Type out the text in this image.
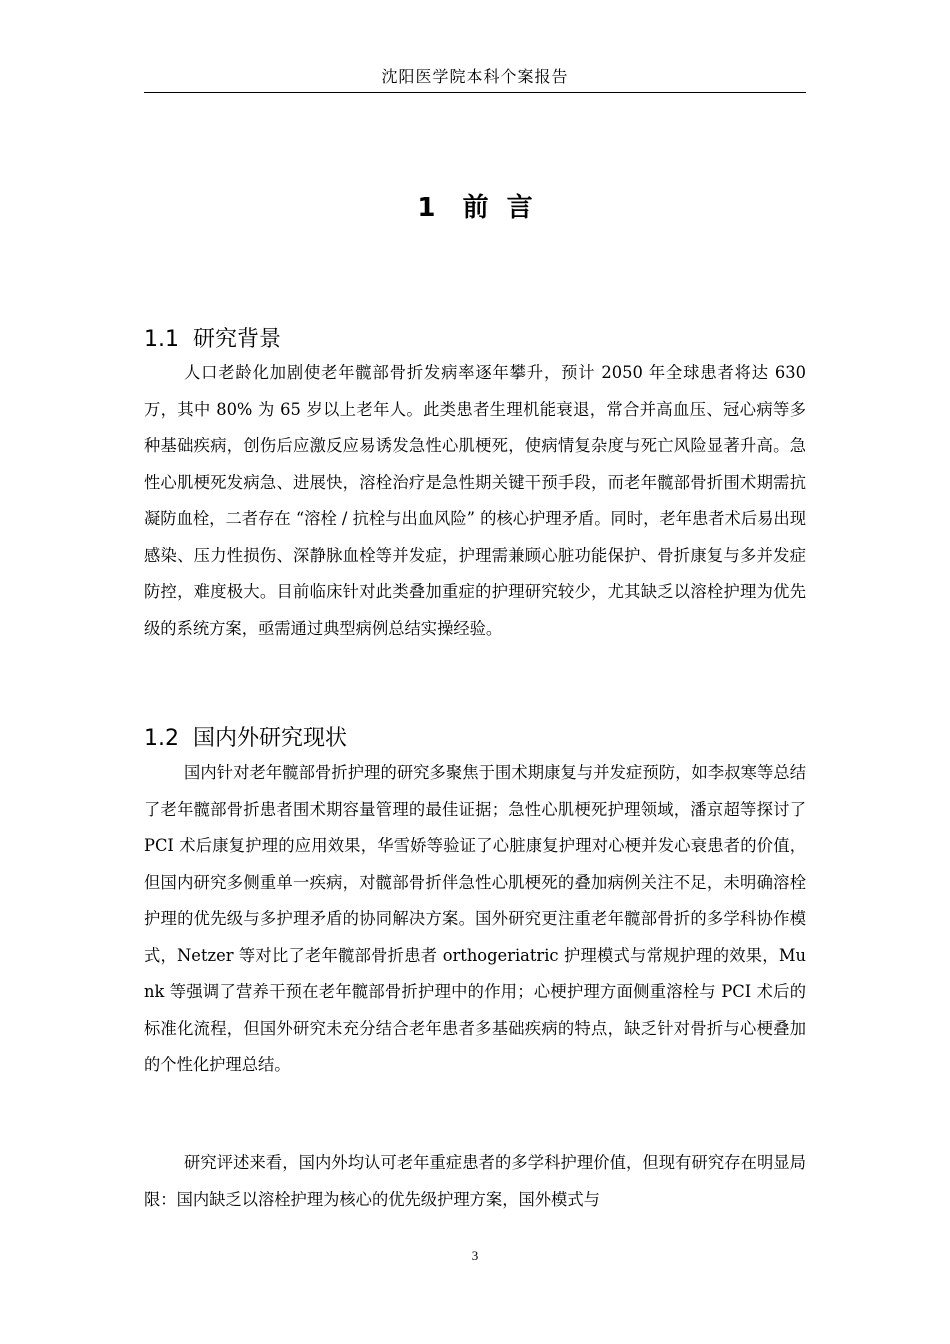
沈阳医学院本科个案报告
1 前  言
1.1 研究背景

人口老龄化加剧使老年髋部骨折发病率逐年攀升，预计 2050 年全球患者将达 630 万，其中 80% 为 65 岁以上老年人。此类患者生理机能衰退，常合并高血压、冠心病等多种基础疾病，创伤后应激反应易诱发急性心肌梗死，使病情复杂度与死亡风险显著升高。急性心肌梗死发病急、进展快，溶栓治疗是急性期关键干预手段，而老年髋部骨折围术期需抗凝防血栓，二者存在 “溶栓 / 抗栓与出血风险” 的核心护理矛盾。同时，老年患者术后易出现感染、压力性损伤、深静脉血栓等并发症，护理需兼顾心脏功能保护、骨折康复与多并发症防控，难度极大。目前临床针对此类叠加重症的护理研究较少，尤其缺乏以溶栓护理为优先级的系统方案，亟需通过典型病例总结实操经验。

1.2 国内外研究现状

国内针对老年髋部骨折护理的研究多聚焦于围术期康复与并发症预防，如李叔寒等总结了老年髋部骨折患者围术期容量管理的最佳证据；急性心肌梗死护理领域，潘京超等探讨了 PCI 术后康复护理的应用效果，华雪娇等验证了心脏康复护理对心梗并发心衰患者的价值，但国内研究多侧重单一疾病，对髋部骨折伴急性心肌梗死的叠加病例关注不足，未明确溶栓护理的优先级与多护理矛盾的协同解决方案。国外研究更注重老年髋部骨折的多学科协作模式，Netzer 等对比了老年髋部骨折患者 orthogeriatric 护理模式与常规护理的效果，Munk 等强调了营养干预在老年髋部骨折护理中的作用；心梗护理方面侧重溶栓与 PCI 术后的标准化流程，但国外研究未充分结合老年患者多基础疾病的特点，缺乏针对骨折与心梗叠加的个性化护理总结。

研究评述来看，国内外均认可老年重症患者的多学科护理价值，但现有研究存在明显局限：国内缺乏以溶栓护理为核心的优先级护理方案，国外模式与

3
